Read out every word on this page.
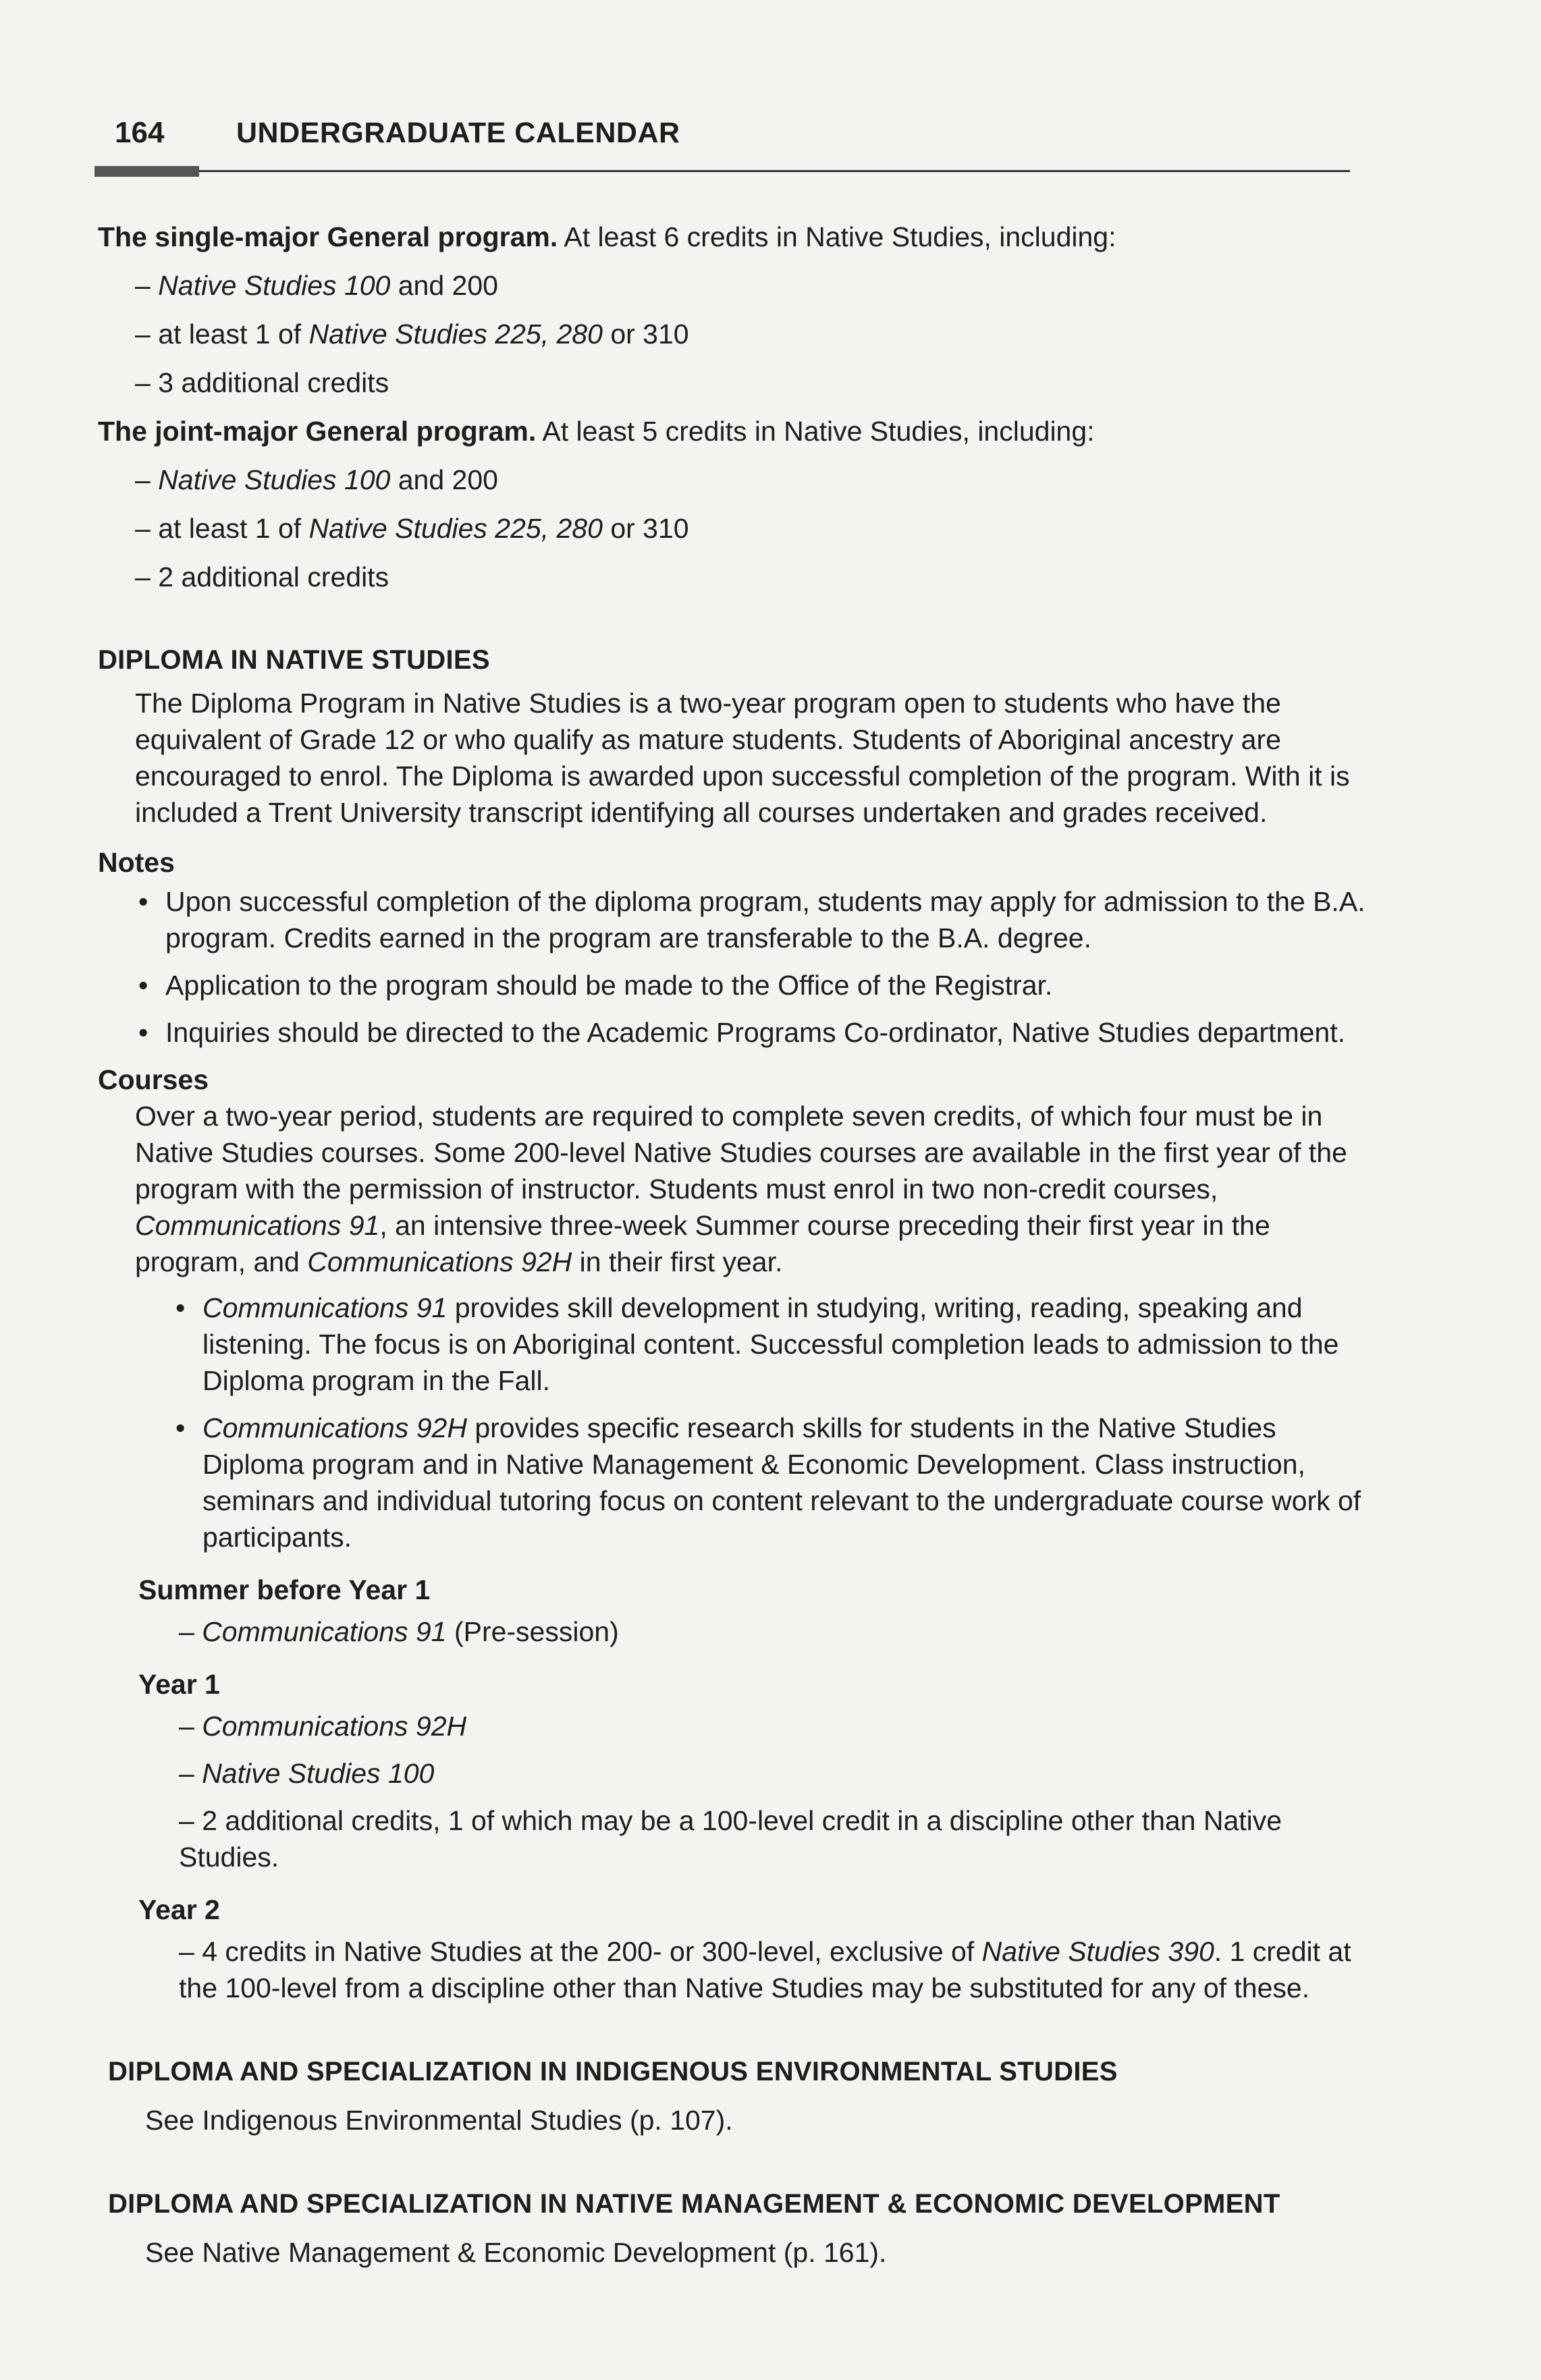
164	UNDERGRADUATE CALENDAR
The single-major General program. At least 6 credits in Native Studies, including:
– Native Studies 100 and 200
– at least 1 of Native Studies 225, 280 or 310
– 3 additional credits
The joint-major General program. At least 5 credits in Native Studies, including:
– Native Studies 100 and 200
– at least 1 of Native Studies 225, 280 or 310
– 2 additional credits
DIPLOMA IN NATIVE STUDIES
The Diploma Program in Native Studies is a two-year program open to students who have the equivalent of Grade 12 or who qualify as mature students. Students of Aboriginal ancestry are encouraged to enrol. The Diploma is awarded upon successful completion of the program. With it is included a Trent University transcript identifying all courses undertaken and grades received.
Notes
• Upon successful completion of the diploma program, students may apply for admission to the B.A. program. Credits earned in the program are transferable to the B.A. degree.
• Application to the program should be made to the Office of the Registrar.
• Inquiries should be directed to the Academic Programs Co-ordinator, Native Studies department.
Courses
Over a two-year period, students are required to complete seven credits, of which four must be in Native Studies courses. Some 200-level Native Studies courses are available in the first year of the program with the permission of instructor. Students must enrol in two non-credit courses, Communications 91, an intensive three-week Summer course preceding their first year in the program, and Communications 92H in their first year.
• Communications 91 provides skill development in studying, writing, reading, speaking and listening. The focus is on Aboriginal content. Successful completion leads to admission to the Diploma program in the Fall.
• Communications 92H provides specific research skills for students in the Native Studies Diploma program and in Native Management & Economic Development. Class instruction, seminars and individual tutoring focus on content relevant to the undergraduate course work of participants.
Summer before Year 1
– Communications 91 (Pre-session)
Year 1
– Communications 92H
– Native Studies 100
– 2 additional credits, 1 of which may be a 100-level credit in a discipline other than Native Studies.
Year 2
– 4 credits in Native Studies at the 200- or 300-level, exclusive of Native Studies 390. 1 credit at the 100-level from a discipline other than Native Studies may be substituted for any of these.
DIPLOMA AND SPECIALIZATION IN INDIGENOUS ENVIRONMENTAL STUDIES
See Indigenous Environmental Studies (p. 107).
DIPLOMA AND SPECIALIZATION IN NATIVE MANAGEMENT & ECONOMIC DEVELOPMENT
See Native Management & Economic Development (p. 161).
